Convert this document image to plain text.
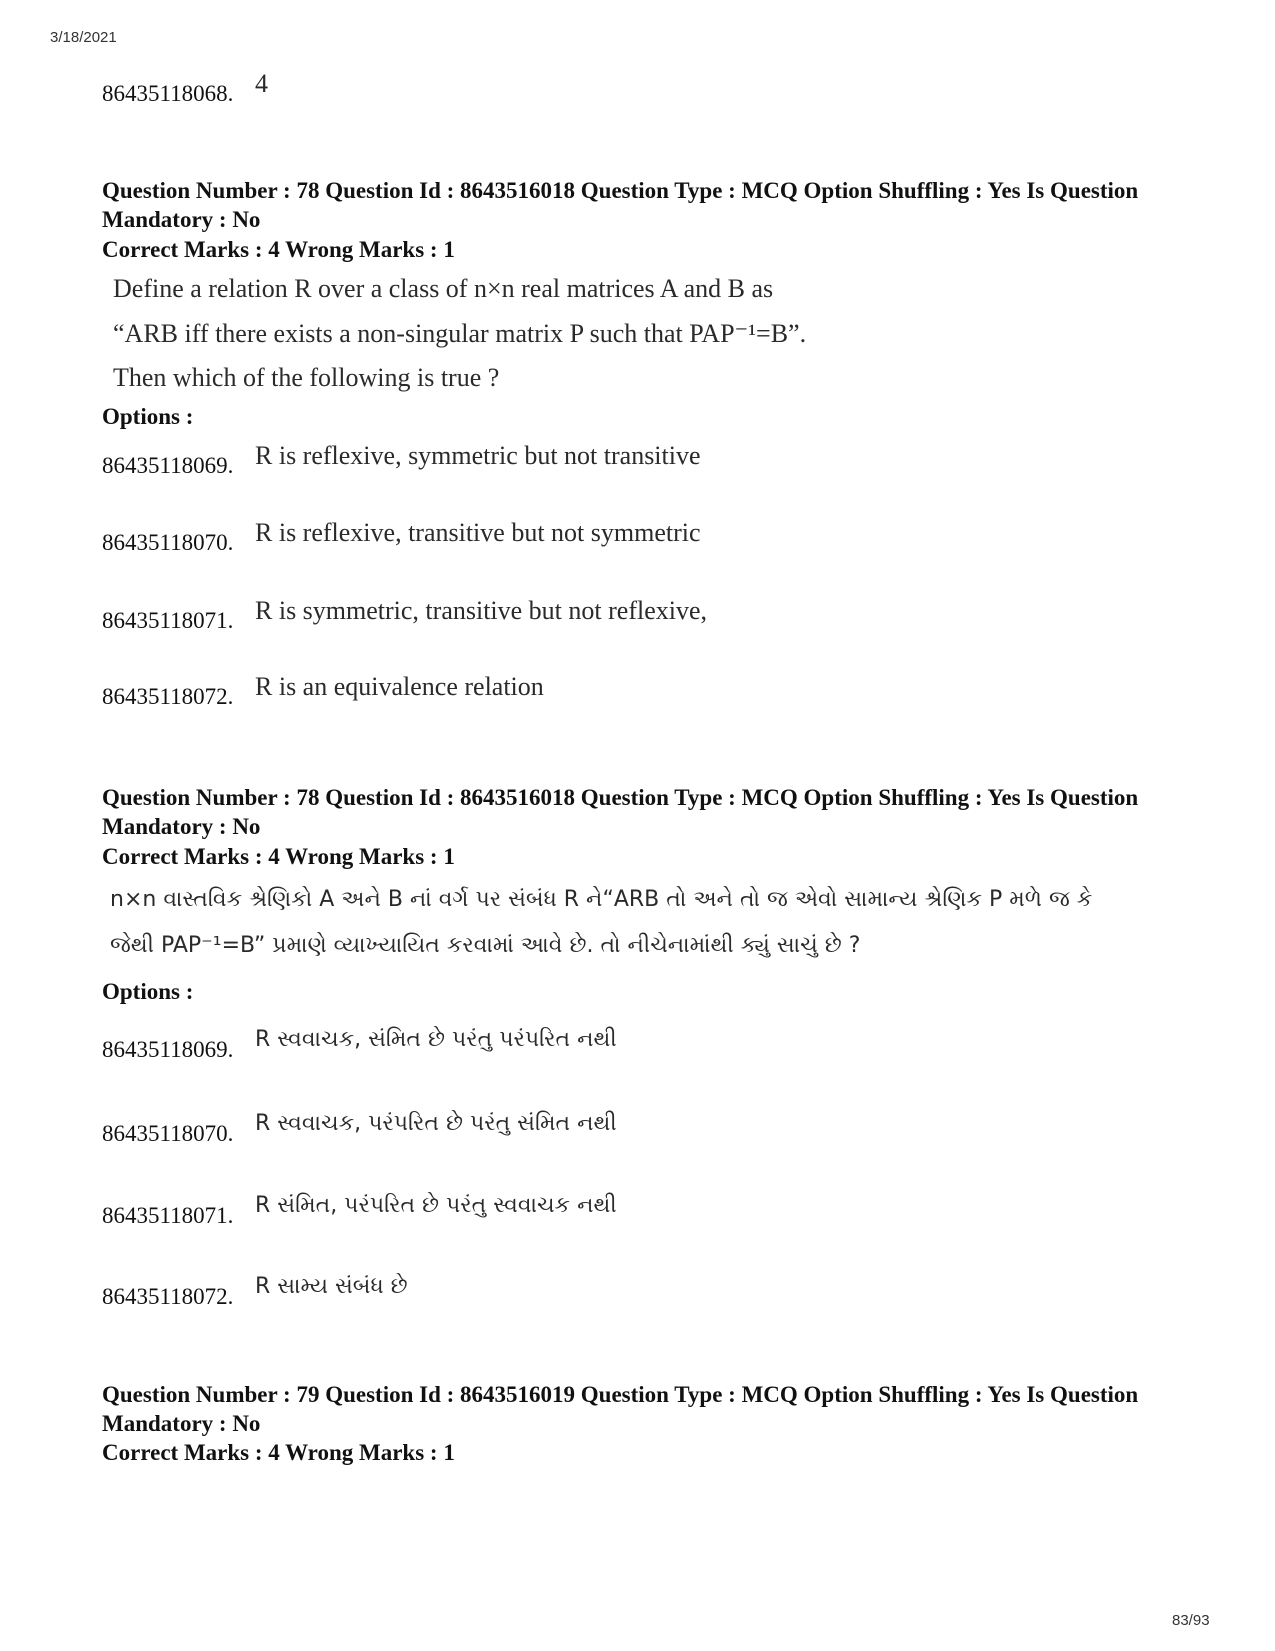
3/18/2021
86435118068. 4
Question Number : 78 Question Id : 8643516018 Question Type : MCQ Option Shuffling : Yes Is Question Mandatory : No
Correct Marks : 4 Wrong Marks : 1
Define a relation R over a class of n×n real matrices A and B as
“ARB iff there exists a non-singular matrix P such that PAP⁻¹=B”.
Then which of the following is true ?
Options :
86435118069. R is reflexive, symmetric but not transitive
86435118070. R is reflexive, transitive but not symmetric
86435118071. R is symmetric, transitive but not reflexive,
86435118072. R is an equivalence relation
Question Number : 78 Question Id : 8643516018 Question Type : MCQ Option Shuffling : Yes Is Question Mandatory : No
Correct Marks : 4 Wrong Marks : 1
n×n વાસ્તવિક શ્રેણિકો A અને B નાં વર્ગ પર સંબંધ R ને“ARB તો અને તો જ એવો સામાન્ય શ્રેણિક P મળે જ કે
જેથી PAP⁻¹=B” પ્રમાણે વ્યાખ્યાયિત કરવામાં આવે છે. તો નીચેનામાંથી ક્યું સાચું છે ?
Options :
86435118069. R સ્વવાચક, સંમિત છે પરંતુ પરંપરિત નથી
86435118070. R સ્વવાચક, પરંપરિત છે પરંતુ સંમિત નથી
86435118071. R સંમિત, પરંપરિત છે પરંતુ સ્વવાચક નથી
86435118072. R સામ્ય સંબંધ છે
Question Number : 79 Question Id : 8643516019 Question Type : MCQ Option Shuffling : Yes Is Question Mandatory : No
Correct Marks : 4 Wrong Marks : 1
83/93
